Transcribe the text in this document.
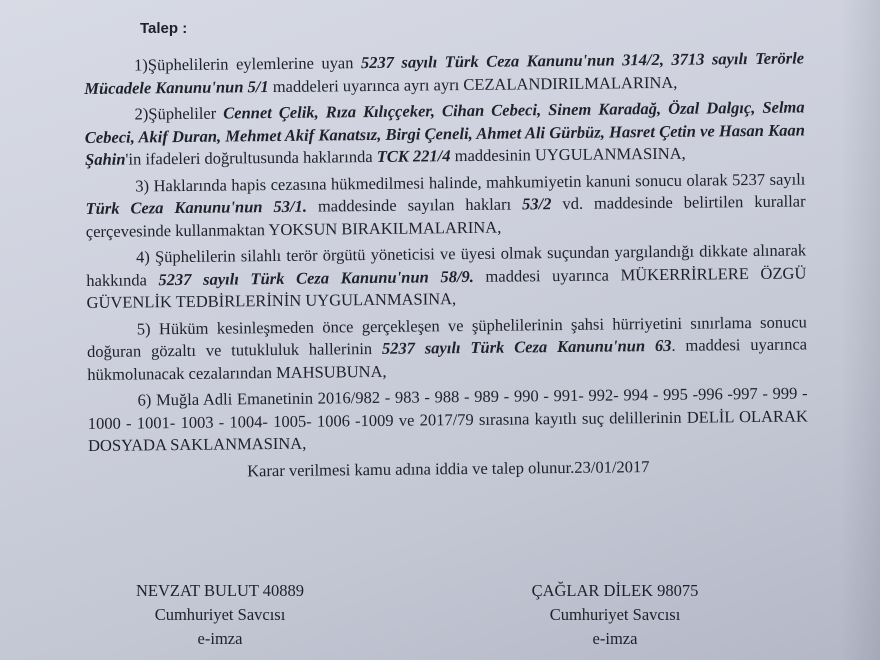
Talep :

1)Şüphelilerin eylemlerine uyan 5237 sayılı Türk Ceza Kanunu'nun 314/2, 3713 sayılı Terörle Mücadele Kanunu'nun 5/1 maddeleri uyarınca ayrı ayrı CEZALANDIRILMALARINA,

2)Şüpheliler Cennet Çelik, Rıza Kılıççeker, Cihan Cebeci, Sinem Karadağ, Özal Dalgıç, Selma Cebeci, Akif Duran, Mehmet Akif Kanatsız, Birgi Çeneli, Ahmet Ali Gürbüz, Hasret Çetin ve Hasan Kaan Şahin'in ifadeleri doğrultusunda haklarında TCK 221/4 maddesinin UYGULANMASINA,

3) Haklarında hapis cezasına hükmedilmesi halinde, mahkumiyetin kanuni sonucu olarak 5237 sayılı Türk Ceza Kanunu'nun 53/1. maddesinde sayılan hakları 53/2 vd. maddesinde belirtilen kurallar çerçevesinde kullanmaktan YOKSUN BIRAKILMALARINA,

4) Şüphelilerin silahlı terör örgütü yöneticisi ve üyesi olmak suçundan yargılandığı dikkate alınarak hakkında 5237 sayılı Türk Ceza Kanunu'nun 58/9. maddesi uyarınca MÜKERRİRLERE ÖZGÜ GÜVENLİK TEDBİRLERİNİN UYGULANMASINA,

5) Hüküm kesinleşmeden önce gerçekleşen ve şüphelilerinin şahsi hürriyetini sınırlama sonucu doğuran gözaltı ve tutukluluk hallerinin 5237 sayılı Türk Ceza Kanunu'nun 63. maddesi uyarınca hükmolunacak cezalarından MAHSUBUNA,

6) Muğla Adli Emanetinin 2016/982 - 983 - 988 - 989 - 990 - 991- 992- 994 - 995 -996 -997 - 999 - 1000 - 1001- 1003 - 1004- 1005- 1006 -1009 ve 2017/79 sırasına kayıtlı suç delillerinin DELİL OLARAK DOSYADA SAKLANMASINA,

Karar verilmesi kamu adına iddia ve talep olunur.23/01/2017

NEVZAT BULUT 40889
Cumhuriyet Savcısı
e-imza
ÇAĞLAR DİLEK 98075
Cumhuriyet Savcısı
e-imza
